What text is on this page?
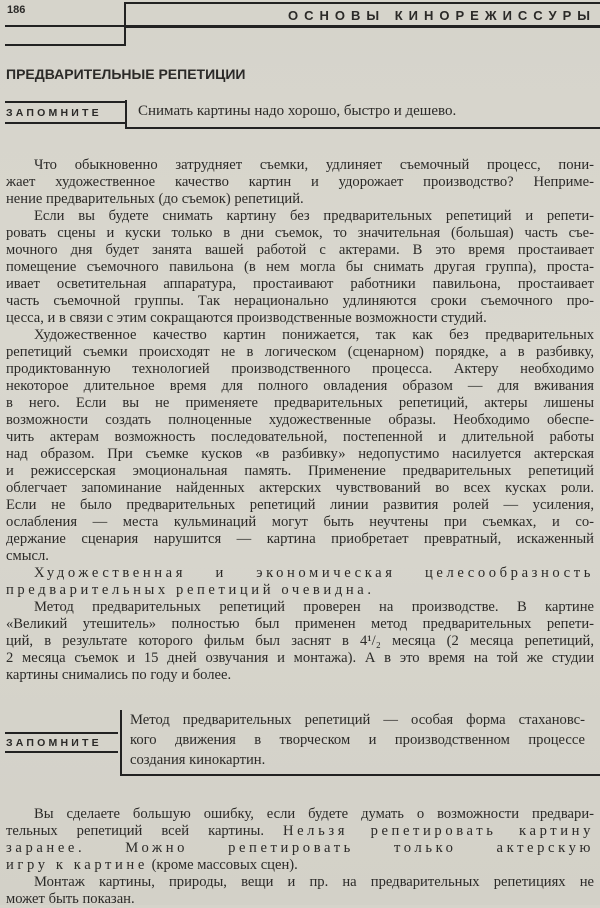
186	ОСНОВЫ КИНОРЕЖИССУРЫ
ПРЕДВАРИТЕЛЬНЫЕ РЕПЕТИЦИИ
ЗАПОМНИТЕ Снимать картины надо хорошо, быстро и дешево.
Что обыкновенно затрудняет съемки, удлиняет съемочный процесс, пони-
жает художественное качество картин и удорожает производство? Неприме-
нение предварительных (до съемок) репетиций.
Если вы будете снимать картину без предварительных репетиций и репети-
ровать сцены и куски только в дни съемок, то значительная (большая) часть съе-
мочного дня будет занята вашей работой с актерами. В это время простаивает
помещение съемочного павильона (в нем могла бы снимать другая группа), проста-
ивает осветительная аппаратура, простаивают работники павильона, простаивает
часть съемочной группы. Так нерационально удлиняются сроки съемочного про-
цесса, и в связи с этим сокращаются производственные возможности студий.
Художественное качество картин понижается, так как без предварительных
репетиций съемки происходят не в логическом (сценарном) порядке, а в разбивку,
продиктованную технологией производственного процесса. Актеру необходимо
некоторое длительное время для полного овладения образом — для вживания
в него. Если вы не применяете предварительных репетиций, актеры лишены
возможности создать полноценные художественные образы. Необходимо обеспе-
чить актерам возможность последовательной, постепенной и длительной работы
над образом. При съемке кусков «в разбивку» недопустимо насилуется актерская
и режиссерская эмоциональная память. Применение предварительных репетиций
облегчает запоминание найденных актерских чувствований во всех кусках роли.
Если не было предварительных репетиций линии развития ролей — усиления,
ослабления — места кульминаций могут быть неучтены при съемках, и со-
держание сценария нарушится — картина приобретает превратный, искаженный
смысл.
Художественная и экономическая целесообразность
предварительных репетиций очевидна.
Метод предварительных репетиций проверен на производстве. В картине
«Великий утешитель» полностью был применен метод предварительных репети-
ций, в результате которого фильм был заснят в 4¹/₂ месяца (2 месяца репетиций,
2 месяца съемок и 15 дней озвучания и монтажа). А в это время на той же студии
картины снимались по году и более.
ЗАПОМНИТЕ
Метод предварительных репетиций — особая форма стахановс-
кого движения в творческом и производственном процессе
создания кинокартин.
Вы сделаете большую ошибку, если будете думать о возможности предвари-
тельных репетиций всей картины. Нельзя репетировать картину
заранее. Можно репетировать только актерскую
игру к картине (кроме массовых сцен).
Монтаж картины, природы, вещи и пр. на предварительных репетициях не
может быть показан.
